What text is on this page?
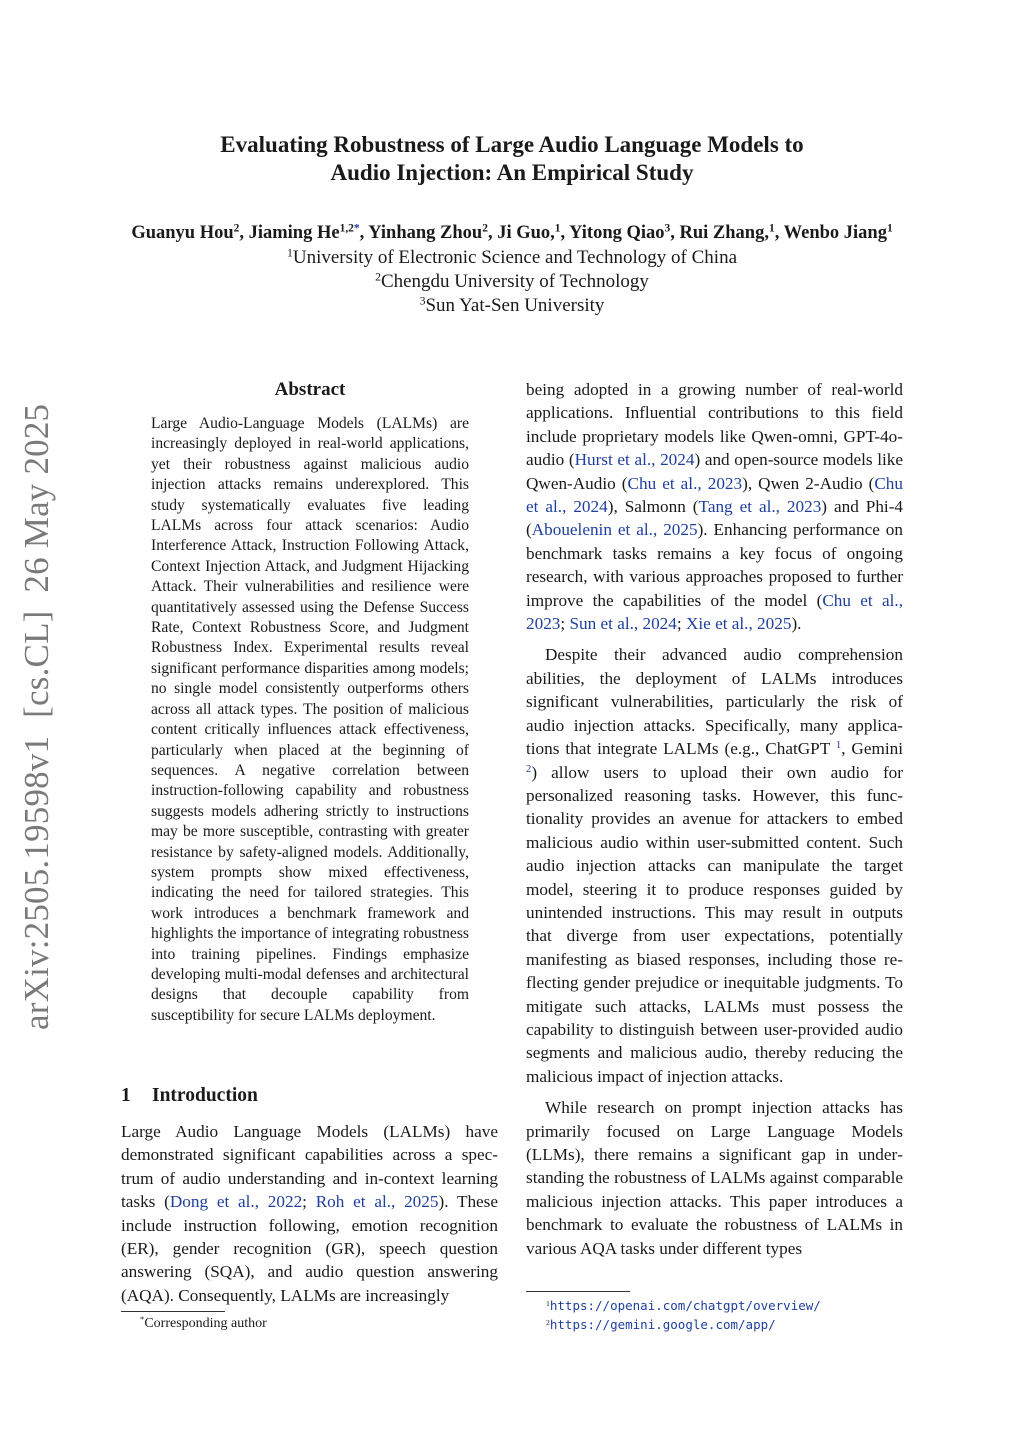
Evaluating Robustness of Large Audio Language Models to
Audio Injection: An Empirical Study
Guanyu Hou$^2$, Jiaming $He^{1,2*}$, Yinhang Zhou$^2$, Ji Guo,$^1$, Yitong Qiao$^3$, Rui Zhang,$^1$, Wenbo Jiang$^1$
$^1$University of Electronic Science and Technology of China
$^2$Chengdu University of Technology
$^3$Sun Yat-Sen University
arXiv:2505.19598v1  [cs.CL]  26 May 2025
Abstract
Large Audio-Language Models (LALMs) are increasingly deployed in real-world applications, yet their robustness against malicious audio injection attacks remains underexplored. This study systematically evaluates five leading LALMs across four attack scenarios: Audio Interference Attack, Instruction Following Attack, Context Injection Attack, and Judgment Hijacking Attack. Their vulnerabilities and resilience were quantitatively assessed using the Defense Success Rate, Context Robustness Score, and Judgment Robustness Index. Experimental results reveal significant performance disparities among models; no single model consistently outperforms others across all attack types. The position of malicious content critically influences attack effectiveness, particularly when placed at the beginning of sequences. A negative correlation between instruction-following capability and robustness suggests models adhering strictly to instructions may be more susceptible, contrasting with greater resistance by safety-aligned models. Additionally, system prompts show mixed effectiveness, indicating the need for tailored strategies. This work introduces a benchmark framework and highlights the importance of integrating robustness into training pipelines. Findings emphasize developing multi-modal defenses and architectural designs that decouple capability from susceptibility for secure LALMs deployment.
1 Introduction
Large Audio Language Models (LALMs) have demonstrated significant capabilities across a spectrum of audio understanding and in-context learning tasks (Dong et al., 2022; Roh et al., 2025). These include instruction following, emotion recognition (ER), gender recognition (GR), speech question answering (SQA), and audio question answering (AQA). Consequently, LALMs are increasingly
*Corresponding author

being adopted in a growing number of real-world applications. Influential contributions to this field include proprietary models like Qwen-omni, GPT-4o-audio (Hurst et al., 2024) and open-source models like Qwen-Audio (Chu et al., 2023), Qwen 2-Audio (Chu et al., 2024), Salmonn (Tang et al., 2023) and Phi-4 (Abouelenin et al., 2025). Enhancing performance on benchmark tasks remains a key focus of ongoing research, with various approaches proposed to further improve the capabilities of the model (Chu et al., 2023; Sun et al., 2024; Xie et al., 2025).

Despite their advanced audio comprehension abilities, the deployment of LALMs introduces significant vulnerabilities, particularly the risk of audio injection attacks. Specifically, many applications that integrate LALMs (e.g., ChatGPT $^1$, Gemini $^2$) allow users to upload their own audio for personalized reasoning tasks. However, this functionality provides an avenue for attackers to embed malicious audio within user-submitted content. Such audio injection attacks can manipulate the target model, steering it to produce responses guided by unintended instructions. This may result in outputs that diverge from user expectations, potentially manifesting as biased responses, including those reflecting gender prejudice or inequitable judgments. To mitigate such attacks, LALMs must possess the capability to distinguish between user-provided audio segments and malicious audio, thereby reducing the malicious impact of injection attacks.

While research on prompt injection attacks has primarily focused on Large Language Models (LLMs), there remains a significant gap in understanding the robustness of LALMs against comparable malicious injection attacks. This paper introduces a benchmark to evaluate the robustness of LALMs in various AQA tasks under different types

$^1$https://openai.com/chatgpt/overview/
$^2$https://gemini.google.com/app/
